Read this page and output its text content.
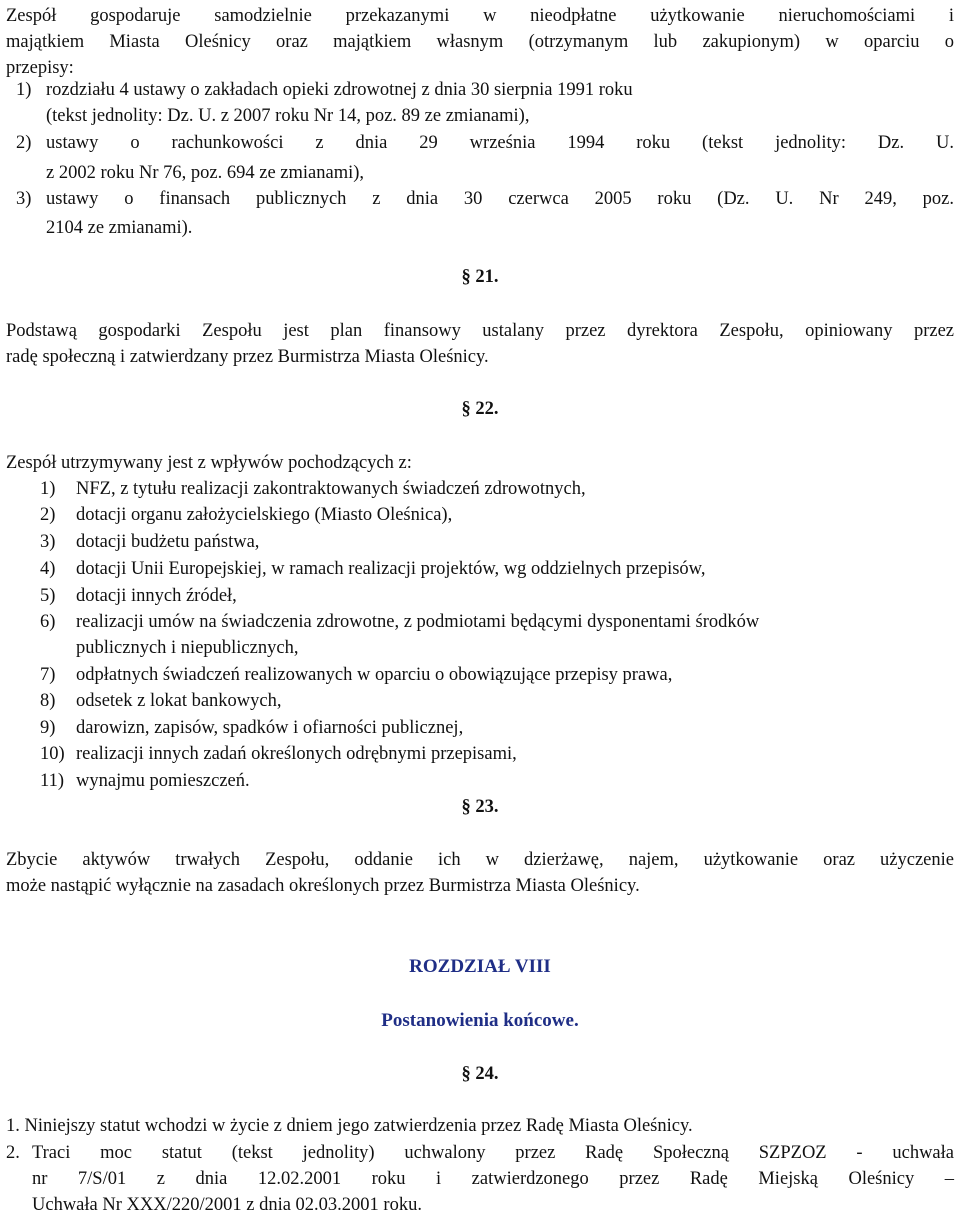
Zespół gospodaruje samodzielnie przekazanymi w nieodpłatne użytkowanie nieruchomościami i
majątkiem Miasta Oleśnicy oraz majątkiem własnym (otrzymanym lub zakupionym) w oparciu o
przepisy:
1) rozdziału 4 ustawy o zakładach opieki zdrowotnej z dnia 30 sierpnia 1991 roku
(tekst jednolity: Dz. U. z 2007 roku Nr 14, poz. 89 ze zmianami),
2) ustawy o rachunkowości z dnia 29 września 1994 roku (tekst jednolity: Dz. U.
z 2002 roku Nr 76, poz. 694 ze zmianami),
3) ustawy o finansach publicznych z dnia 30 czerwca 2005 roku (Dz. U. Nr 249, poz.
2104 ze zmianami).
§ 21.
Podstawą gospodarki Zespołu jest plan finansowy ustalany przez dyrektora Zespołu, opiniowany przez
radę społeczną i zatwierdzany przez Burmistrza Miasta Oleśnicy.
§ 22.
Zespół utrzymywany jest z wpływów pochodzących z:
1) NFZ, z tytułu realizacji zakontraktowanych świadczeń zdrowotnych,
2) dotacji organu założycielskiego (Miasto Oleśnica),
3) dotacji budżetu państwa,
4) dotacji Unii Europejskiej, w ramach realizacji projektów, wg oddzielnych przepisów,
5) dotacji innych źródeł,
6) realizacji umów na świadczenia zdrowotne, z podmiotami będącymi dysponentami środków
publicznych i niepublicznych,
7) odpłatnych świadczeń realizowanych w oparciu o obowiązujące przepisy prawa,
8) odsetek z lokat bankowych,
9) darowizn, zapisów, spadków i ofiarności publicznej,
10) realizacji innych zadań określonych odrębnymi przepisami,
11) wynajmu pomieszczeń.
§ 23.
Zbycie aktywów trwałych Zespołu, oddanie ich w dzierżawę, najem, użytkowanie oraz użyczenie
może nastąpić wyłącznie na zasadach określonych przez Burmistrza Miasta Oleśnicy.
ROZDZIAŁ VIII
Postanowienia końcowe.
§ 24.
1. Niniejszy statut wchodzi w życie z dniem jego zatwierdzenia przez Radę Miasta Oleśnicy.
2. Traci moc statut (tekst jednolity) uchwalony przez Radę Społeczną SZPZOZ - uchwała
nr 7/S/01 z dnia 12.02.2001 roku i zatwierdzonego przez Radę Miejską Oleśnicy –
Uchwała Nr XXX/220/2001 z dnia 02.03.2001 roku.
